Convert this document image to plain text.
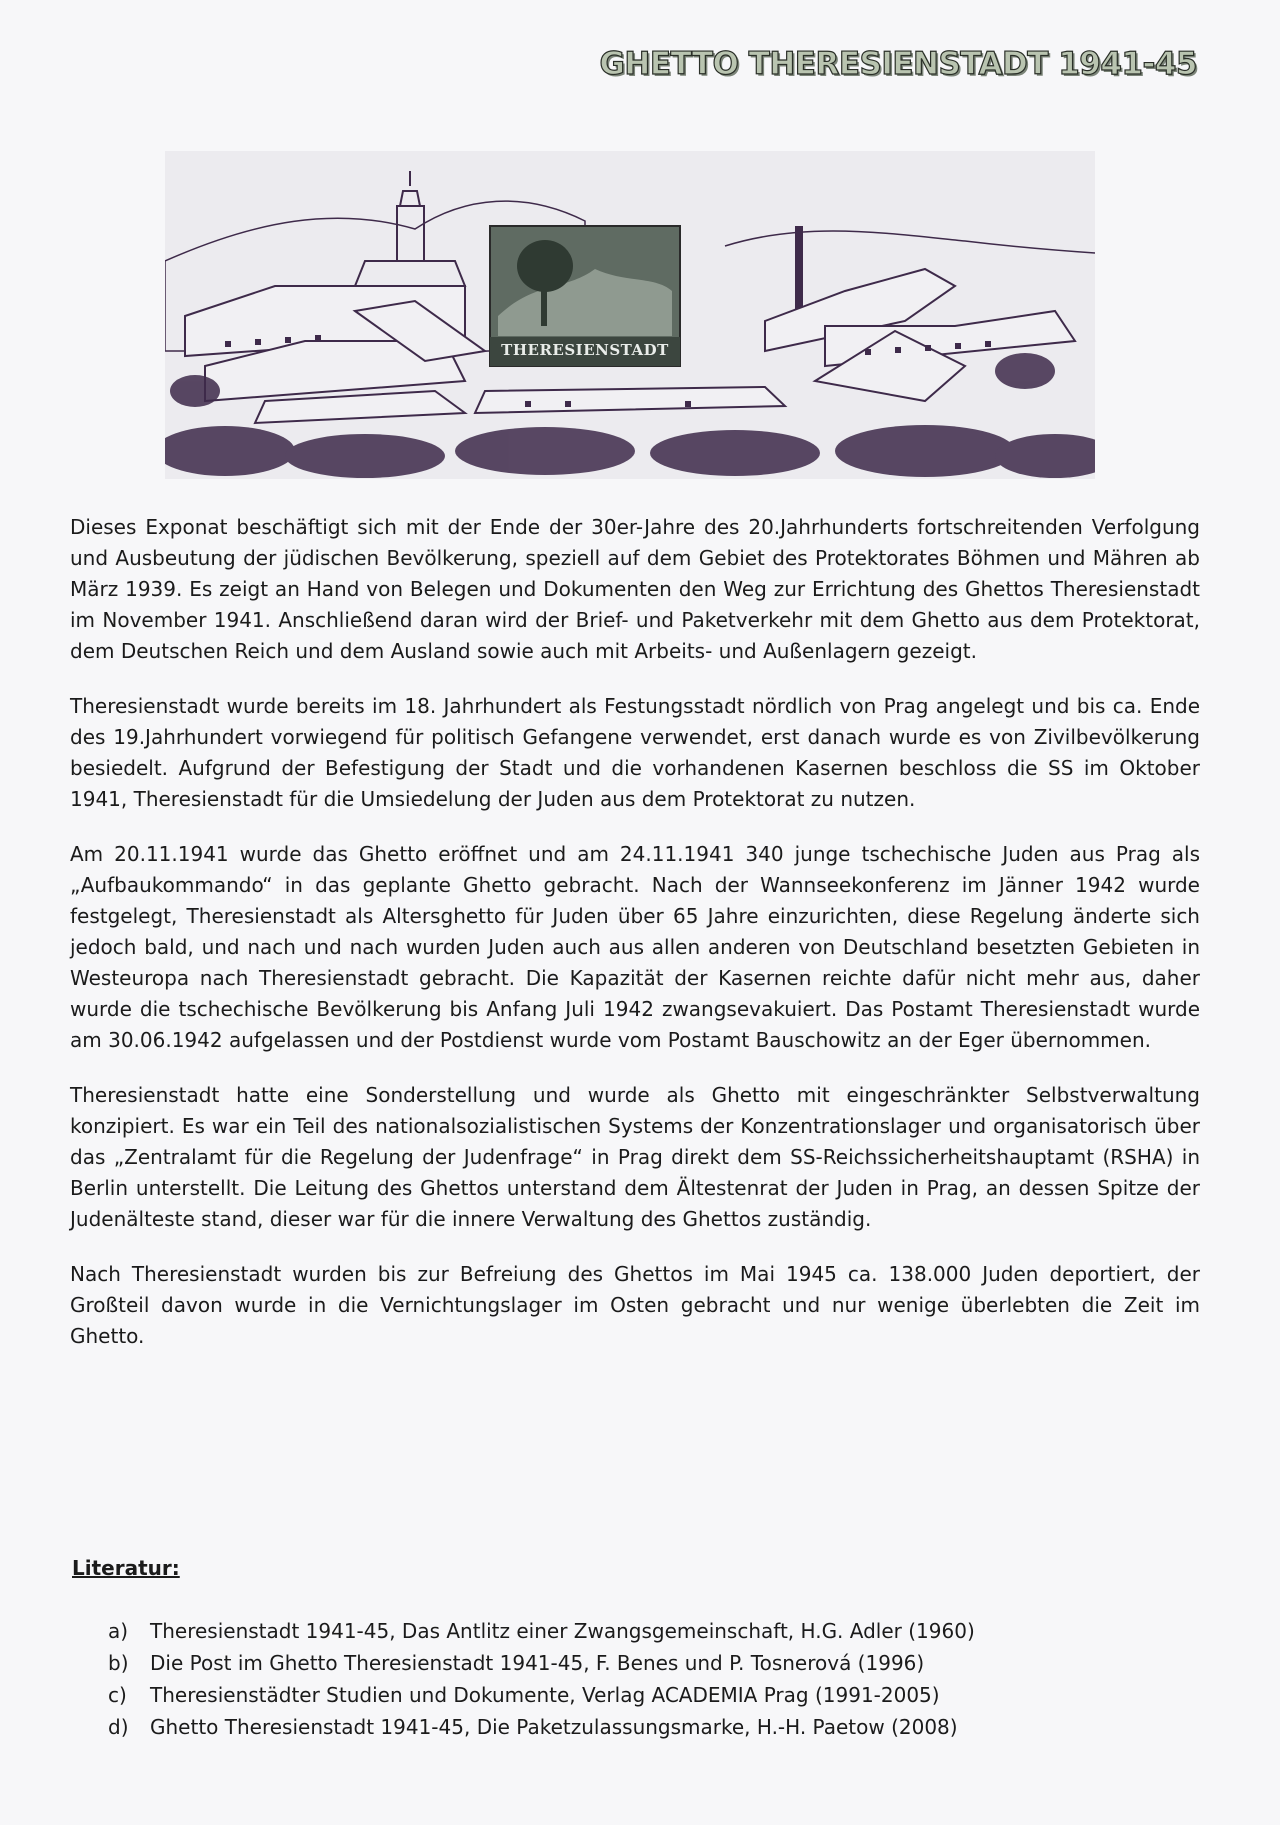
GHETTO THERESIENSTADT 1941-45
THERESIENSTADT

Dieses Exponat beschäftigt sich mit der Ende der 30er-Jahre des 20.Jahrhunderts fortschreitenden Verfolgung und Ausbeutung der jüdischen Bevölkerung, speziell auf dem Gebiet des Protektorates Böhmen und Mähren ab März 1939. Es zeigt an Hand von Belegen und Dokumenten den Weg zur Errichtung des Ghettos Theresienstadt im November 1941. Anschließend daran wird der Brief- und Paketverkehr mit dem Ghetto aus dem Protektorat, dem Deutschen Reich und dem Ausland sowie auch mit Arbeits- und Außenlagern gezeigt.

Theresienstadt wurde bereits im 18. Jahrhundert als Festungsstadt nördlich von Prag angelegt und bis ca. Ende des 19.Jahrhundert vorwiegend für politisch Gefangene verwendet, erst danach wurde es von Zivilbevölkerung besiedelt. Aufgrund der Befestigung der Stadt und die vorhandenen Kasernen beschloss die SS im Oktober 1941, Theresienstadt für die Umsiedelung der Juden aus dem Protektorat zu nutzen.

Am 20.11.1941 wurde das Ghetto eröffnet und am 24.11.1941 340 junge tschechische Juden aus Prag als „Aufbaukommando“ in das geplante Ghetto gebracht. Nach der Wannseekonferenz im Jänner 1942 wurde festgelegt, Theresienstadt als Altersghetto für Juden über 65 Jahre einzurichten, diese Regelung änderte sich jedoch bald, und nach und nach wurden Juden auch aus allen anderen von Deutschland besetzten Gebieten in Westeuropa nach Theresienstadt gebracht. Die Kapazität der Kasernen reichte dafür nicht mehr aus, daher wurde die tschechische Bevölkerung bis Anfang Juli 1942 zwangsevakuiert. Das Postamt Theresienstadt wurde am 30.06.1942 aufgelassen und der Postdienst wurde vom Postamt Bauschowitz an der Eger übernommen.

Theresienstadt hatte eine Sonderstellung und wurde als Ghetto mit eingeschränkter Selbstverwaltung konzipiert. Es war ein Teil des nationalsozialistischen Systems der Konzentrationslager und organisatorisch über das „Zentralamt für die Regelung der Judenfrage“ in Prag direkt dem SS-Reichssicherheitshauptamt (RSHA) in Berlin unterstellt. Die Leitung des Ghettos unterstand dem Ältestenrat der Juden in Prag, an dessen Spitze der Judenälteste stand, dieser war für die innere Verwaltung des Ghettos zuständig.

Nach Theresienstadt wurden bis zur Befreiung des Ghettos im Mai 1945 ca. 138.000 Juden deportiert, der Großteil davon wurde in die Vernichtungslager im Osten gebracht und nur wenige überlebten die Zeit im Ghetto.

Literatur:
a)	Theresienstadt 1941-45, Das Antlitz einer Zwangsgemeinschaft, H.G. Adler (1960)
b)	Die Post im Ghetto Theresienstadt 1941-45, F. Benes und P. Tosnerová (1996)
c)	Theresienstädter Studien und Dokumente, Verlag ACADEMIA Prag (1991-2005)
d)	Ghetto Theresienstadt 1941-45, Die Paketzulassungsmarke, H.-H. Paetow (2008)
